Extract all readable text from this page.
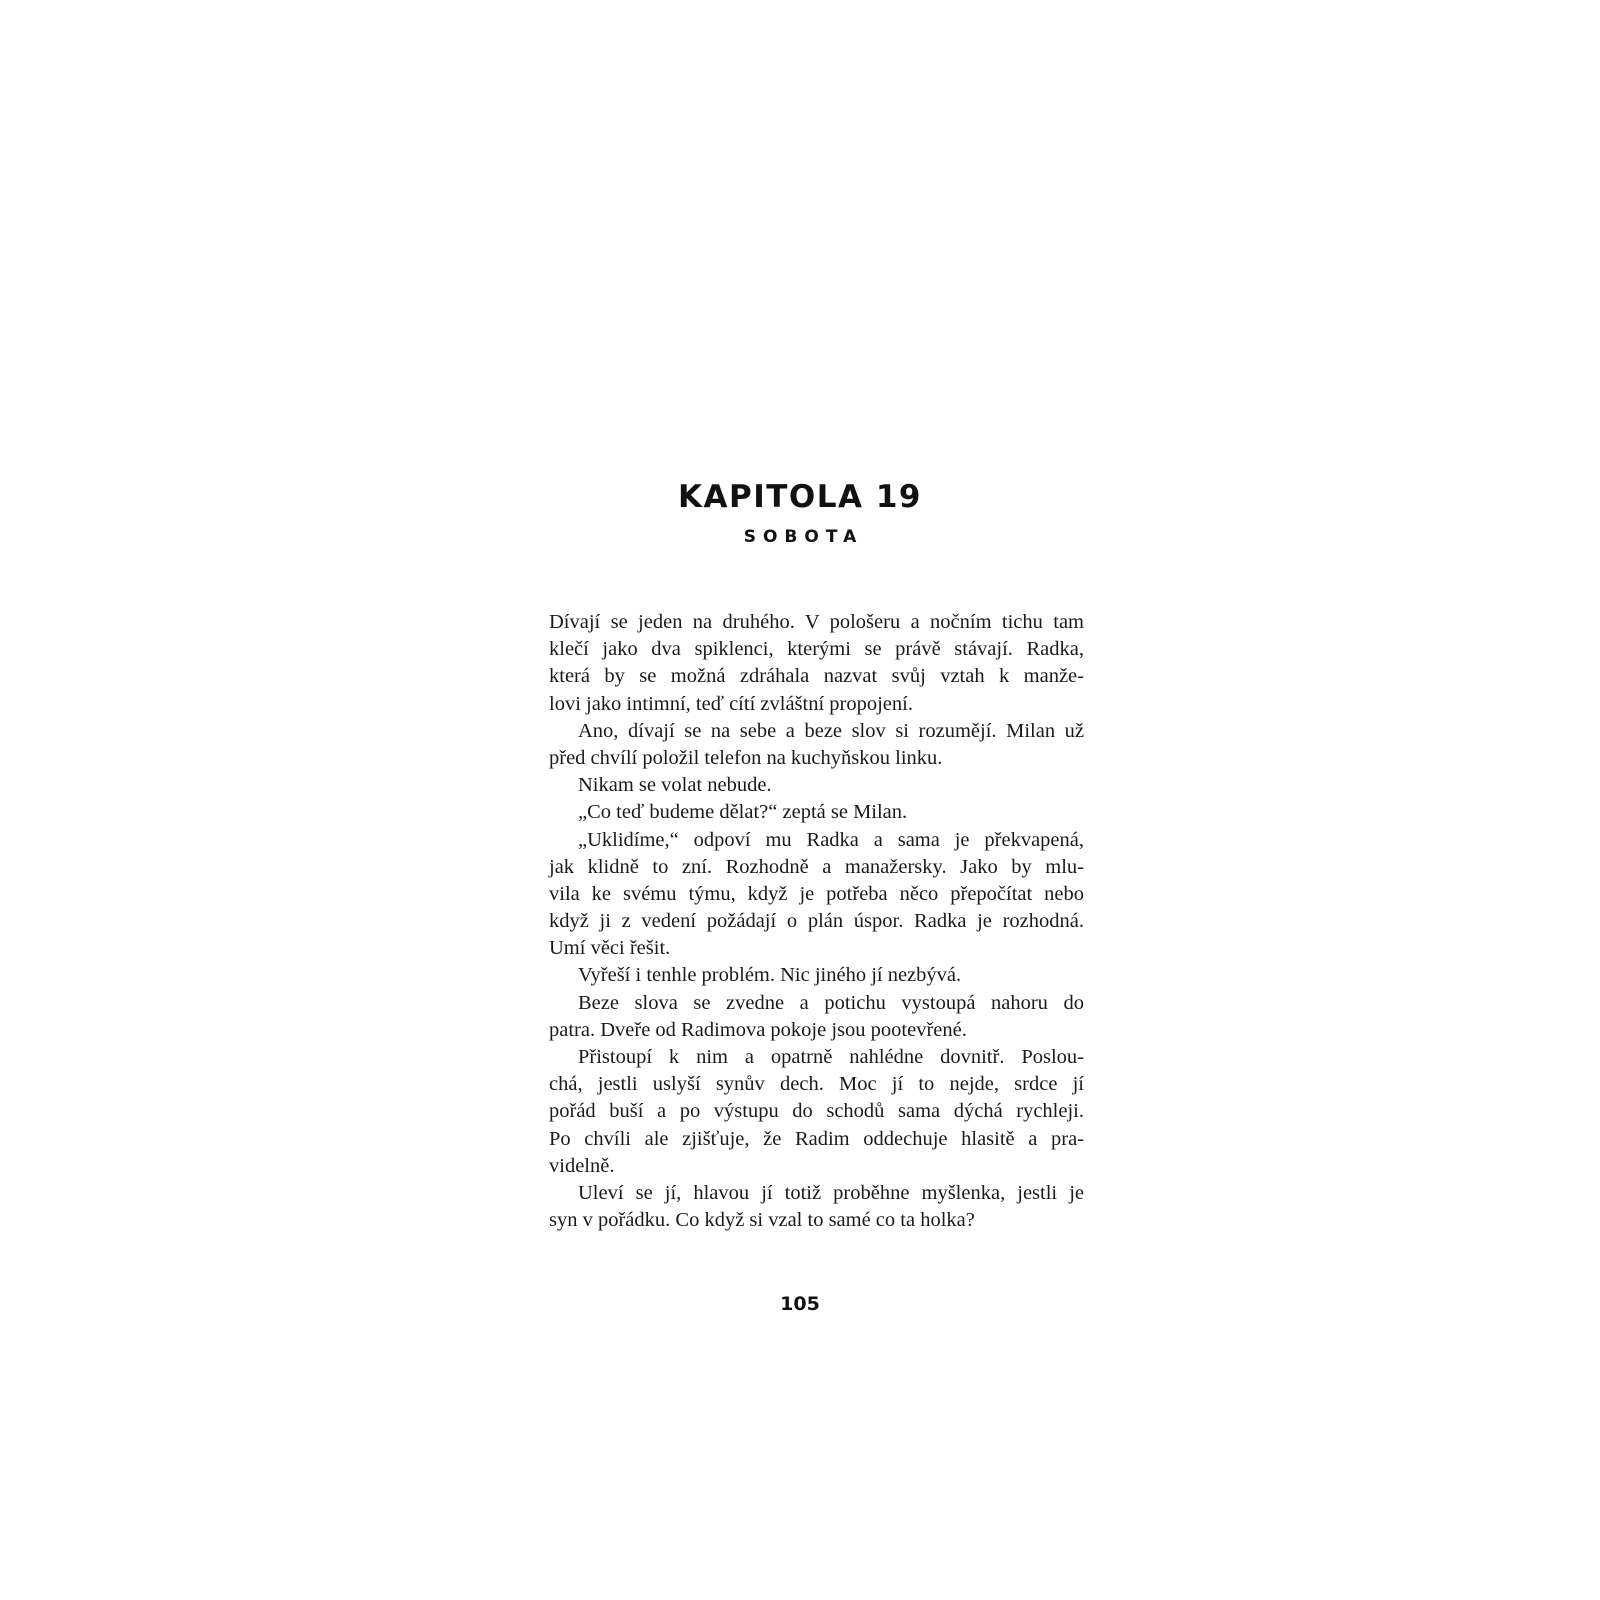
KAPITOLA 19
SOBOTA
Dívají se jeden na druhého. V pološeru a nočním tichu tam
klečí jako dva spiklenci, kterými se právě stávají. Radka,
která by se možná zdráhala nazvat svůj vztah k manže-
lovi jako intimní, teď cítí zvláštní propojení.
Ano, dívají se na sebe a beze slov si rozumějí. Milan už
před chvílí položil telefon na kuchyňskou linku.
Nikam se volat nebude.
„Co teď budeme dělat?“ zeptá se Milan.
„Uklidíme,“ odpoví mu Radka a sama je překvapená,
jak klidně to zní. Rozhodně a manažersky. Jako by mlu-
vila ke svému týmu, když je potřeba něco přepočítat nebo
když ji z vedení požádají o plán úspor. Radka je rozhodná.
Umí věci řešit.
Vyřeší i tenhle problém. Nic jiného jí nezbývá.
Beze slova se zvedne a potichu vystoupá nahoru do
patra. Dveře od Radimova pokoje jsou pootevřené.
Přistoupí k nim a opatrně nahlédne dovnitř. Poslou-
chá, jestli uslyší synův dech. Moc jí to nejde, srdce jí
pořád buší a po výstupu do schodů sama dýchá rychleji.
Po chvíli ale zjišťuje, že Radim oddechuje hlasitě a pra-
videlně.
Uleví se jí, hlavou jí totiž proběhne myšlenka, jestli je
syn v pořádku. Co když si vzal to samé co ta holka?
105
